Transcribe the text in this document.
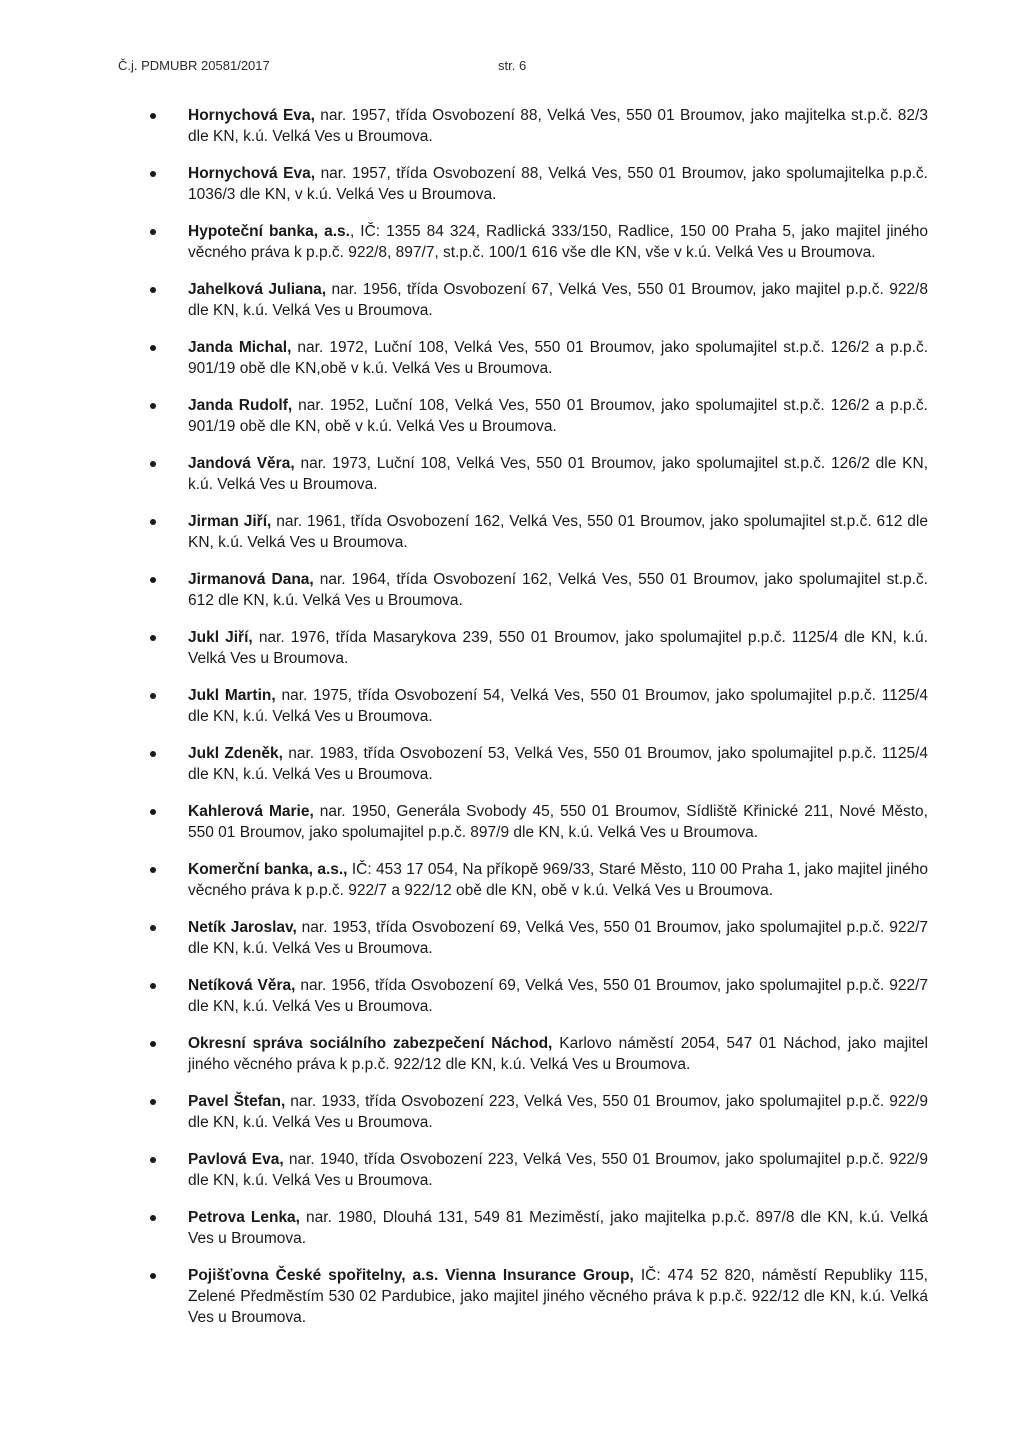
Č.j. PDMUBR 20581/2017	str. 6
Hornychová Eva, nar. 1957, třída Osvobození 88, Velká Ves, 550 01 Broumov, jako majitelka st.p.č. 82/3 dle KN, k.ú. Velká Ves u Broumova.
Hornychová Eva, nar. 1957, třída Osvobození 88, Velká Ves, 550 01 Broumov, jako spolumajitelka p.p.č. 1036/3 dle KN, v k.ú. Velká Ves u Broumova.
Hypoteční banka, a.s., IČ: 1355 84 324, Radlická 333/150, Radlice, 150 00 Praha 5, jako majitel jiného věcného práva k p.p.č. 922/8, 897/7, st.p.č. 100/1 616 vše dle KN, vše v k.ú. Velká Ves u Broumova.
Jahelková Juliana, nar. 1956, třída Osvobození 67, Velká Ves, 550 01 Broumov, jako majitel p.p.č. 922/8 dle KN, k.ú. Velká Ves u Broumova.
Janda Michal, nar. 1972, Luční 108, Velká Ves, 550 01 Broumov, jako spolumajitel st.p.č. 126/2 a p.p.č. 901/19 obě dle KN,obě v k.ú. Velká Ves u Broumova.
Janda Rudolf, nar. 1952, Luční 108, Velká Ves, 550 01 Broumov, jako spolumajitel st.p.č. 126/2 a p.p.č. 901/19 obě dle KN, obě v k.ú. Velká Ves u Broumova.
Jandová Věra, nar. 1973, Luční 108, Velká Ves, 550 01 Broumov, jako spolumajitel st.p.č. 126/2 dle KN, k.ú. Velká Ves u Broumova.
Jirman Jiří, nar. 1961, třída Osvobození 162, Velká Ves, 550 01 Broumov, jako spolumajitel st.p.č. 612 dle KN, k.ú. Velká Ves u Broumova.
Jirmanová Dana, nar. 1964, třída Osvobození 162, Velká Ves, 550 01 Broumov, jako spolumajitel st.p.č. 612 dle KN, k.ú. Velká Ves u Broumova.
Jukl Jiří, nar. 1976, třída Masarykova 239, 550 01 Broumov, jako spolumajitel p.p.č. 1125/4 dle KN, k.ú. Velká Ves u Broumova.
Jukl Martin, nar. 1975, třída Osvobození 54, Velká Ves, 550 01 Broumov, jako spolumajitel p.p.č. 1125/4 dle KN, k.ú. Velká Ves u Broumova.
Jukl Zdeněk, nar. 1983, třída Osvobození 53, Velká Ves, 550 01 Broumov, jako spolumajitel p.p.č. 1125/4 dle KN, k.ú. Velká Ves u Broumova.
Kahlerová Marie, nar. 1950, Generála Svobody 45, 550 01 Broumov, Sídliště Křinické 211, Nové Město, 550 01 Broumov, jako spolumajitel p.p.č. 897/9 dle KN, k.ú. Velká Ves u Broumova.
Komerční banka, a.s., IČ: 453 17 054, Na příkopě 969/33, Staré Město, 110 00 Praha 1, jako majitel jiného věcného práva k p.p.č. 922/7 a 922/12 obě dle KN, obě v k.ú. Velká Ves u Broumova.
Netík Jaroslav, nar. 1953, třída Osvobození 69, Velká Ves, 550 01 Broumov, jako spolumajitel p.p.č. 922/7 dle KN, k.ú. Velká Ves u Broumova.
Netíková Věra, nar. 1956, třída Osvobození 69, Velká Ves, 550 01 Broumov, jako spolumajitel p.p.č. 922/7 dle KN, k.ú. Velká Ves u Broumova.
Okresní správa sociálního zabezpečení Náchod, Karlovo náměstí 2054, 547 01 Náchod, jako majitel jiného věcného práva k p.p.č. 922/12 dle KN, k.ú. Velká Ves u Broumova.
Pavel Štefan, nar. 1933, třída Osvobození 223, Velká Ves, 550 01 Broumov, jako spolumajitel p.p.č. 922/9 dle KN, k.ú. Velká Ves u Broumova.
Pavlová Eva, nar. 1940, třída Osvobození 223, Velká Ves, 550 01 Broumov, jako spolumajitel p.p.č. 922/9 dle KN, k.ú. Velká Ves u Broumova.
Petrova Lenka, nar. 1980, Dlouhá 131, 549 81 Meziměstí, jako majitelka p.p.č. 897/8 dle KN, k.ú. Velká Ves u Broumova.
Pojišťovna České spořitelny, a.s. Vienna Insurance Group, IČ: 474 52 820, náměstí Republiky 115, Zelené Předměstím 530 02 Pardubice, jako majitel jiného věcného práva k p.p.č. 922/12 dle KN, k.ú. Velká Ves u Broumova.
